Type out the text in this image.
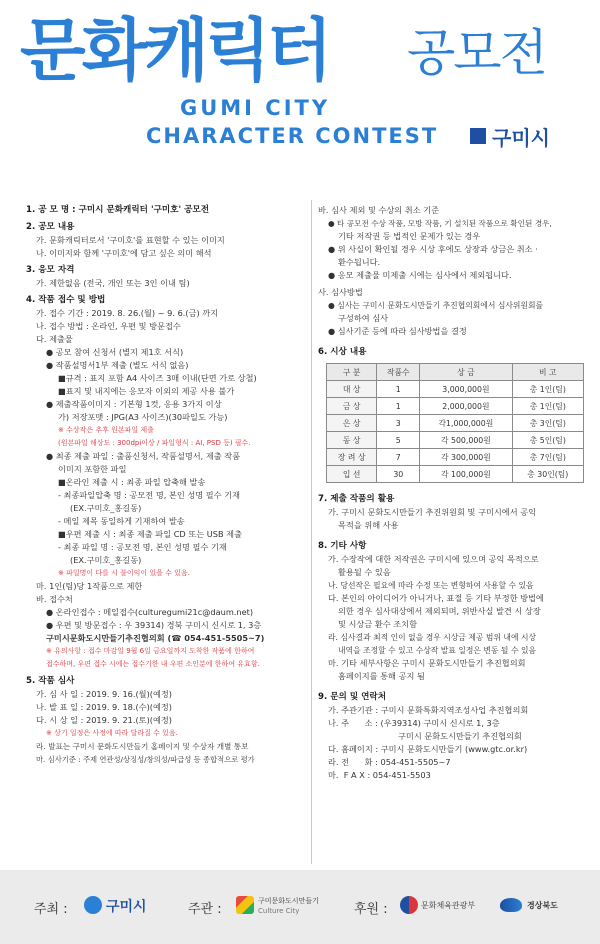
문화캐릭터 공모전
GUMI CITY
CHARACTER CONTEST	구미시
1. 공 모 명 : 구미시 문화캐릭터 '구미호' 공모전
2. 공모 내용
가. 문화캐릭터로서 '구미호'를 표현할 수 있는 이미지
나. 이미지와 함께 '구미호'에 담고 싶은 의미 해석
3. 응모 자격
가. 제한없음 (전국, 개인 또는 3인 이내 팀)
4. 작품 접수 및 방법
가. 접수 기간 : 2019. 8. 26.(월) ~ 9. 6.(금) 까지
나. 접수 방법 : 온라인, 우편 및 방문접수
다. 제출물
● 공모 참여 신청서 (별지 제1호 서식)
● 작품설명서1부 제출 (별도 서식 없음)
■규격 : 표지 포함 A4 사이즈 3매 이내(단면 가로 상철)
■표지 및 내지에는 응모자 이외의 제공 사용 불가
● 제출작품이미지 : 기본형 1컷, 응용 3가지 이상
가) 저장포맷 : JPG(A3 사이즈)(30파일도 가능)
※ 수상작은 추후 원본파일 제출
(원본파일 해상도 : 300dpi이상 / 파일형식 : AI, PSD 등) 필수.
● 최종 제출 파일 : 출품신청서, 작품설명서, 제출 작품
이미지 포함한 파일
■온라인 제출 시 : 최종 파일 압축해 발송
- 최종파일압축 명 : 공모전 명, 본인 성명 필수 기재
(EX.구미호_홍길동)
- 메일 제목 동일하게 기재하여 발송
■우편 제출 시 : 최종 제출 파일 CD 또는 USB 제출
- 최종 파일 명 : 공모전 명, 본인 성명 필수 기재
(EX.구미호_홍길동)
※ 파일명이 다를 시 불이익이 있을 수 있음.
마. 1인(팀)당 1작품으로 제한
바. 접수처
● 온라인접수 : 메일접수(culturegumi21c@daum.net)
● 우편 및 방문접수 : 우 39314) 경북 구미시 신시로 1, 3층
구미시문화도시만들기추진협의회 (☎ 054-451-5505~7)
※ 유의사항 : 접수 마감일 9월 6일 금요일까지 도착한 작품에 한하여
접수하며, 우편 접수 시에는 접수기한 내 우편 소인분에 한하여 유효함.
5. 작품 심사
가. 심 사 일 : 2019. 9. 16.(월)(예정)
나. 발 표 일 : 2019. 9. 18.(수)(예정)
다. 시 상 일 : 2019. 9. 21.(토)(예정)
※ 상기 일정은 사정에 따라 달라질 수 있음.
라. 발표는 구미시 문화도시만들기 홈페이지 및 수상자 개별 통보
마. 심사기준 : 주제 연관성/상징성/창의성/파급성 등 종합적으로 평가
바. 심사 제외 및 수상의 취소 기준
● 타 공모전 수상 작품, 모방 작품, 기 설치된 작품으로 확인된 경우,
기타 저작권 등 법적인 문제가 있는 경우
● 위 사실이 확인될 경우 시상 후에도 상장과 상금은 취소 ·
환수됩니다.
● 응모 제출물 미제출 시에는 심사에서 제외됩니다.
사. 심사방법
● 심사는 구미시 문화도시만들기 추진협의회에서 심사위원회를
구성하여 심사
● 심사기준 등에 따라 심사방법을 결정
6. 시상 내용
구 분	작품수	상 금	비 고
대 상	1	3,000,000원	총 1인(팀)
금 상	1	2,000,000원	총 1인(팀)
은 상	3	각1,000,000원	총 3인(팀)
동 상	5	각 500,000원	총 5인(팀)
장 려 상	7	각 300,000원	총 7인(팀)
입 선	30	각 100,000원	총 30인(팀)
7. 제출 작품의 활용
가. 구미시 문화도시만들기 추진위원회 및 구미시에서 공익
목적을 위해 사용
8. 기타 사항
가. 수장작에 대한 저작권은 구미시에 있으며 공익 목적으로
활용될 수 있음
나. 당선작은 필요에 따라 수정 또는 변형하여 사용할 수 있음
다. 본인의 아이디어가 아니거나, 표절 등 기타 부정한 방법에
의한 경우 심사대상에서 제외되며, 위반사실 발견 시 상장
및 시상금 환수 조치함
라. 심사결과 최적 인이 없을 경우 시상금 제공 범위 내에 시상
내역을 조정할 수 있고 수상작 발표 일정은 변동 될 수 있음
마. 기타 세부사항은 구미시 문화도시만들기 추진협의회
홈페이지를 통해 공지 됨
9. 문의 및 연락처
가. 주관기관 : 구미시 문화특화지역조성사업 추진협의회
나. 주      소 : (우39314) 구미시 신시로 1, 3층
구미시 문화도시만들기 추진협의회
다. 홈페이지 : 구미시 문화도시만들기 (www.gtc.or.kr)
라. 전      화 : 054-451-5505~7
마.  F A X : 054-451-5503
주최 :	구미시	주관 :
구미문화도시만들기
Culture City	후원 :	문화체육관광부	경상북도
